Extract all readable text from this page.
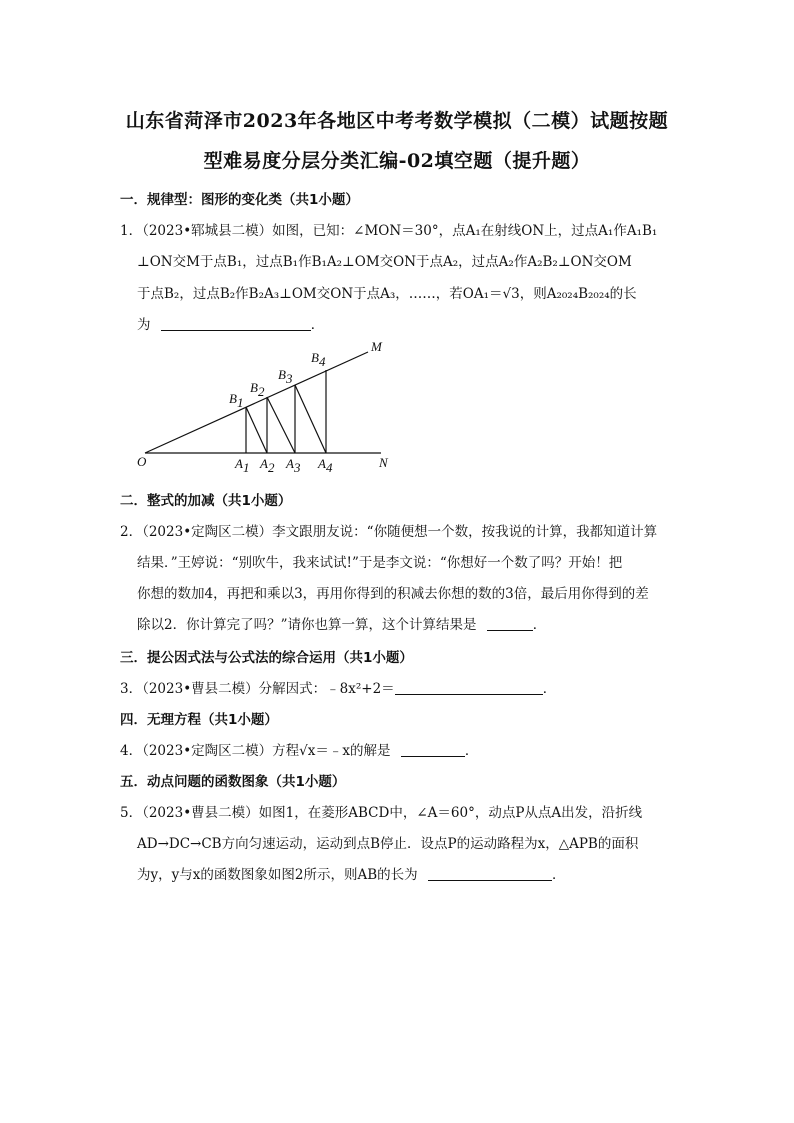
山东省菏泽市2023年各地区中考考数学模拟（二模）试题按题
型难易度分层分类汇编-02填空题（提升题）
一．规律型：图形的变化类（共1小题）
1．（2023•郓城县二模）如图，已知：∠MON＝30°，点A₁在射线ON上，过点A₁作A₁B₁
⊥ON交M于点B₁，过点B₁作B₁A₂⊥OM交ON于点A₂，过点A₂作A₂B₂⊥ON交OM
于点B₂，过点B₂作B₂A₃⊥OM交ON于点A₃，……，若OA₁＝√3，则A₂₀₂₄B₂₀₂₄的长
为	．
O	N
M
A1 A2 A3 A4
B1
B2
B3
B4
二．整式的加减（共1小题）
2．（2023•定陶区二模）李文跟朋友说：“你随便想一个数，按我说的计算，我都知道计算
结果．”王婷说：“别吹牛，我来试试!”于是李文说：“你想好一个数了吗？开始！把
你想的数加4，再把和乘以3，再用你得到的积减去你想的数的3倍，最后用你得到的差
除以2．你计算完了吗？”请你也算一算，这个计算结果是	．
三．提公因式法与公式法的综合运用（共1小题）
3．（2023•曹县二模）分解因式：﹣8x²+2＝	．
四．无理方程（共1小题）
4．（2023•定陶区二模）方程√x＝﹣x的解是	．
五．动点问题的函数图象（共1小题）
5．（2023•曹县二模）如图1，在菱形ABCD中，∠A＝60°，动点P从点A出发，沿折线
AD→DC→CB方向匀速运动，运动到点B停止．设点P的运动路程为x，△APB的面积
为y，y与x的函数图象如图2所示，则AB的长为	．
